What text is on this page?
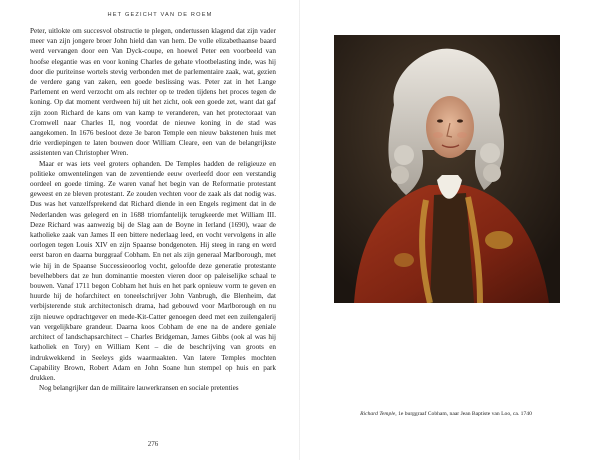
HET GEZICHT VAN DE ROEM

Peter, uitlokte om succesvol obstructie te plegen, ondertussen klagend dat zijn vader meer van zijn jongere broer John hield dan van hem. De volle elizabethaanse baard werd vervangen door een Van Dyck-coupe, en hoewel Peter een voorbeeld van hoofse elegantie was en voor koning Charles de gehate vlootbelasting inde, was hij door die puriteinse wortels stevig verbonden met de parlementaire zaak, wat, gezien de verdere gang van zaken, een goede beslissing was. Peter zat in het Lange Parlement en werd verzocht om als rechter op te treden tijdens het proces tegen de koning. Op dat moment verdween hij uit het zicht, ook een goede zet, want dat gaf zijn zoon Richard de kans om van kamp te veranderen, van het protectoraat van Cromwell naar Charles II, nog voordat de nieuwe koning in de stad was aangekomen. In 1676 besloot deze 3e baron Temple een nieuw bakstenen huis met drie verdiepingen te laten bouwen door William Cleare, een van de belangrijkste assistenten van Christopher Wren.

Maar er was iets veel groters ophanden. De Temples hadden de religieuze en politieke omwentelingen van de zeventiende eeuw overleefd door een verstandig oordeel en goede timing. Ze waren vanaf het begin van de Reformatie protestant geweest en ze bleven protestant. Ze zouden vechten voor de zaak als dat nodig was. Dus was het vanzelfsprekend dat Richard diende in een Engels regiment dat in de Nederlanden was gelegerd en in 1688 triomfantelijk terugkeerde met William III. Deze Richard was aanwezig bij de Slag aan de Boyne in Ierland (1690), waar de katholieke zaak van James II een bittere nederlaag leed, en vocht vervolgens in alle oorlogen tegen Louis XIV en zijn Spaanse bondgenoten. Hij steeg in rang en werd eerst baron en daarna burggraaf Cobham. En net als zijn generaal Marlborough, met wie hij in de Spaanse Successieoorlog vocht, geloofde deze generatie protestante bevelhebbers dat ze hun dominantie moesten vieren door op paleiselijke schaal te bouwen. Vanaf 1711 begon Cobham het huis en het park opnieuw vorm te geven en huurde hij de hofarchitect en toneelschrijver John Vanbrugh, die Blenheim, dat verbijsterende stuk architectonisch drama, had gebouwd voor Marlborough en nu zijn nieuwe opdrachtgever en mede-Kit-Catter genoegen deed met een zuilengalerij van vergelijkbare grandeur. Daarna koos Cobham de ene na de andere geniale architect of landschapsarchitect – Charles Bridgeman, James Gibbs (ook al was hij katholiek en Tory) en William Kent – die de beschrijving van groots en indrukwekkend in Seeleys gids waarmaakten. Van latere Temples mochten Capability Brown, Robert Adam en John Soane hun stempel op huis en park drukken.

Nog belangrijker dan de militaire lauwerkransen en sociale pretenties

276
Richard Temple, 1e burggraaf Cobham, naar Jean Baptiste van Loo, ca. 1740
